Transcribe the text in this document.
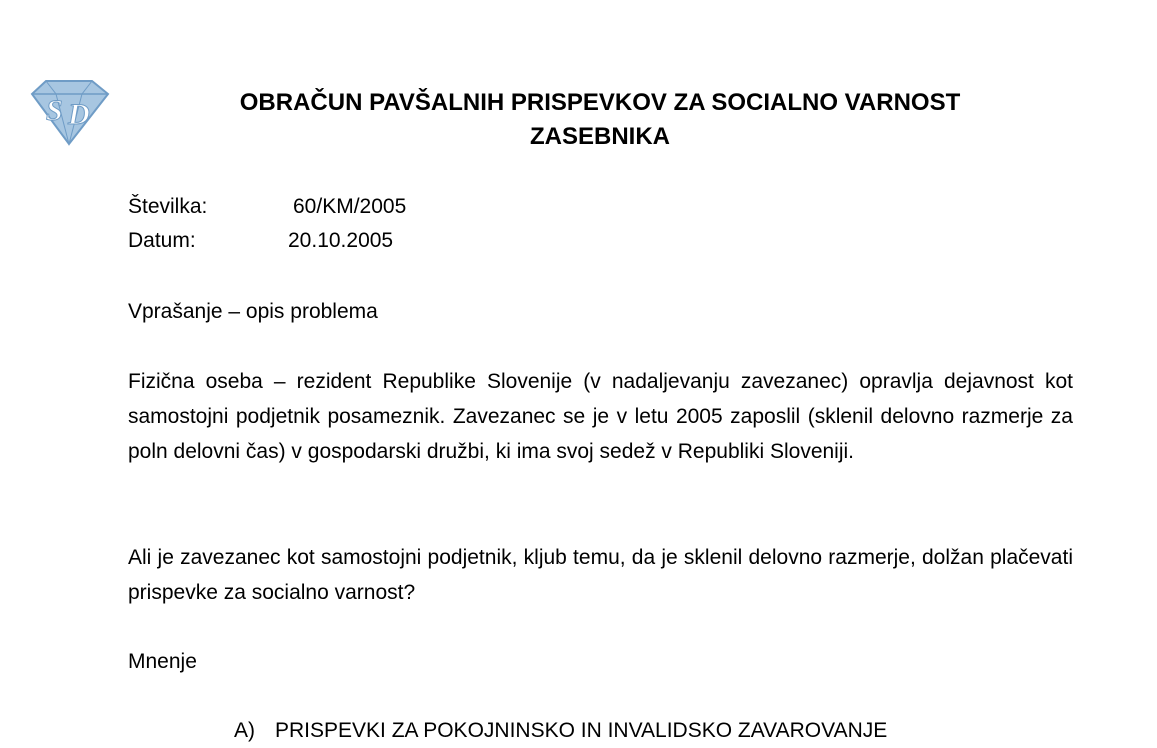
S D	OBRAČUN PAVŠALNIH PRISPEVKOV ZA SOCIALNO VARNOST
ZASEBNIKA
Številka:	60/KM/2005
Datum:	20.10.2005
Vprašanje – opis problema
Fizična oseba – rezident Republike Slovenije (v nadaljevanju zavezanec) opravlja dejavnost kot samostojni podjetnik posameznik. Zavezanec se je v letu 2005 zaposlil (sklenil delovno razmerje za poln delovni čas) v gospodarski družbi, ki ima svoj sedež v Republiki Sloveniji.
Ali je zavezanec kot samostojni podjetnik, kljub temu, da je sklenil delovno razmerje, dolžan plačevati prispevke za socialno varnost?
Mnenje
A) PRISPEVKI ZA POKOJNINSKO IN INVALIDSKO ZAVAROVANJE
